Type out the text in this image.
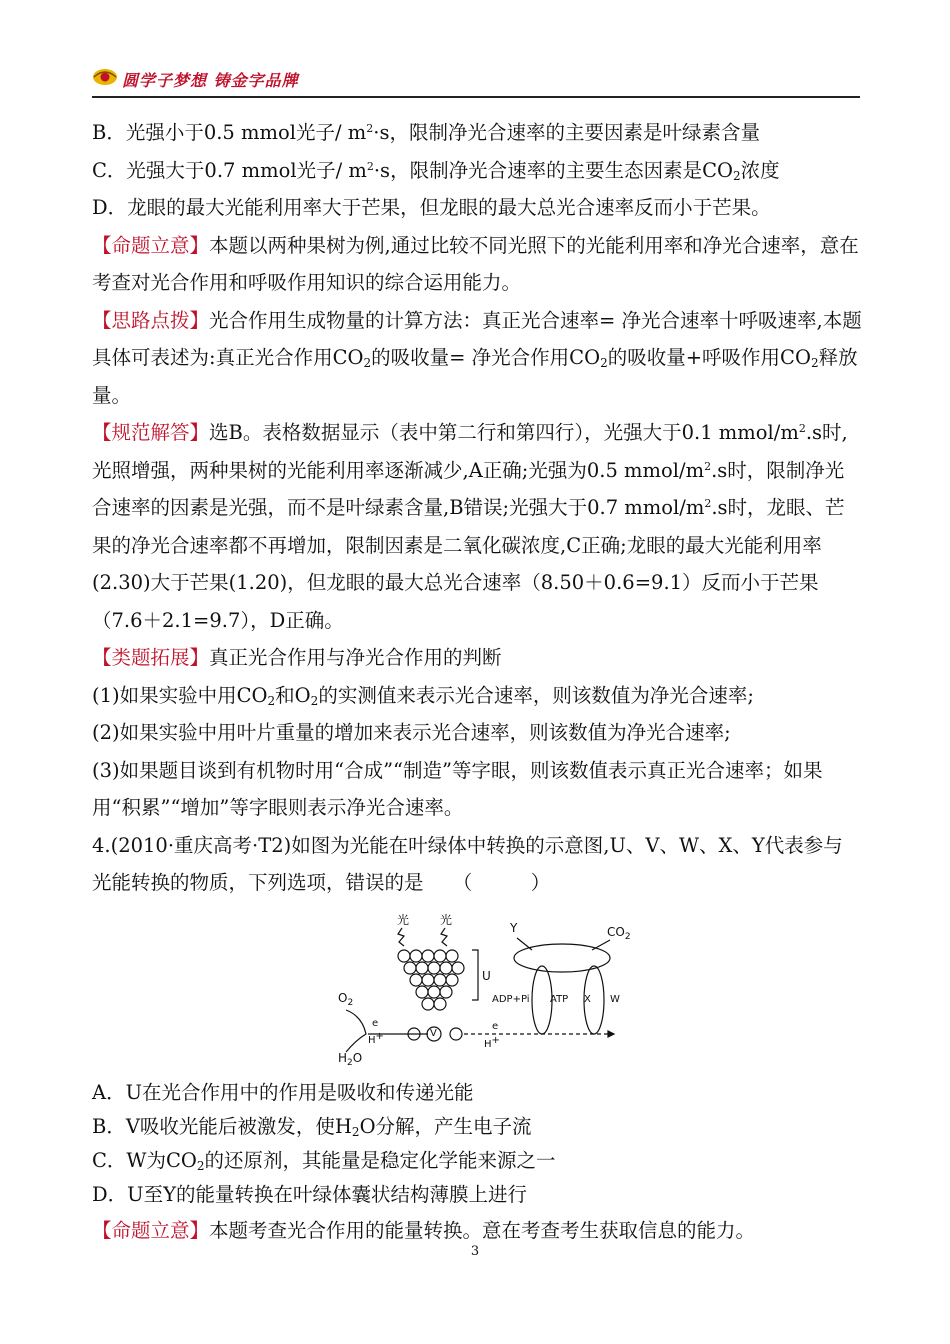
圆学子梦想 铸金字品牌

B．光强小于0.5 mmol光子/ $m^2\cdot s$，限制净光合速率的主要因素是叶绿素含量

C．光强大于0.7 mmol光子/ $m^2\cdot s$，限制净光合速率的主要生态因素是$CO_2$浓度

D．龙眼的最大光能利用率大于芒果，但龙眼的最大总光合速率反而小于芒果。

【命题立意】本题以两种果树为例,通过比较不同光照下的光能利用率和净光合速率，意在考查对光合作用和呼吸作用知识的综合运用能力。

【思路点拨】光合作用生成物量的计算方法：真正光合速率= 净光合速率十呼吸速率,本题具体可表述为:真正光合作用$CO_2$的吸收量= 净光合作用$CO_2$的吸收量+呼吸作用$CO_2$释放量。

【规范解答】选B。表格数据显示（表中第二行和第四行），光强大于0.1 mmol/$m^2.s$时,光照增强，两种果树的光能利用率逐渐减少,A正确;光强为0.5 mmol/$m^2.s$时，限制净光合速率的因素是光强，而不是叶绿素含量,B错误;光强大于0.7 mmol/$m^2.s$时，龙眼、芒果的净光合速率都不再增加，限制因素是二氧化碳浓度,C正确;龙眼的最大光能利用率(2.30)大于芒果(1.20)，但龙眼的最大总光合速率（8.50＋0.6=9.1）反而小于芒果（7.6＋2.1=9.7），D正确。

【类题拓展】真正光合作用与净光合作用的判断

(1)如果实验中用$CO_2$和$O_2$的实测值来表示光合速率，则该数值为净光合速率;

(2)如果实验中用叶片重量的增加来表示光合速率，则该数值为净光合速率;

(3)如果题目谈到有机物时用“合成”“制造”等字眼，则该数值表示真正光合速率；如果用“积累”“增加”等字眼则表示净光合速率。

4.(2010·重庆高考·T2)如图为光能在叶绿体中转换的示意图,U、V、W、X、Y代表参与光能转换的物质，下列选项，错误的是　　（　　　）

光	光
Y	$CO_2$
$O_2$
$H_2O$
e
H+	V
U
e
H+
ADP+Pi ATP X W

A．U在光合作用中的作用是吸收和传递光能

B．V吸收光能后被激发，使$H_2O$分解，产生电子流

C．W为$CO_2$的还原剂，其能量是稳定化学能来源之一

D．U至Y的能量转换在叶绿体囊状结构薄膜上进行

【命题立意】本题考查光合作用的能量转换。意在考查考生获取信息的能力。

3
